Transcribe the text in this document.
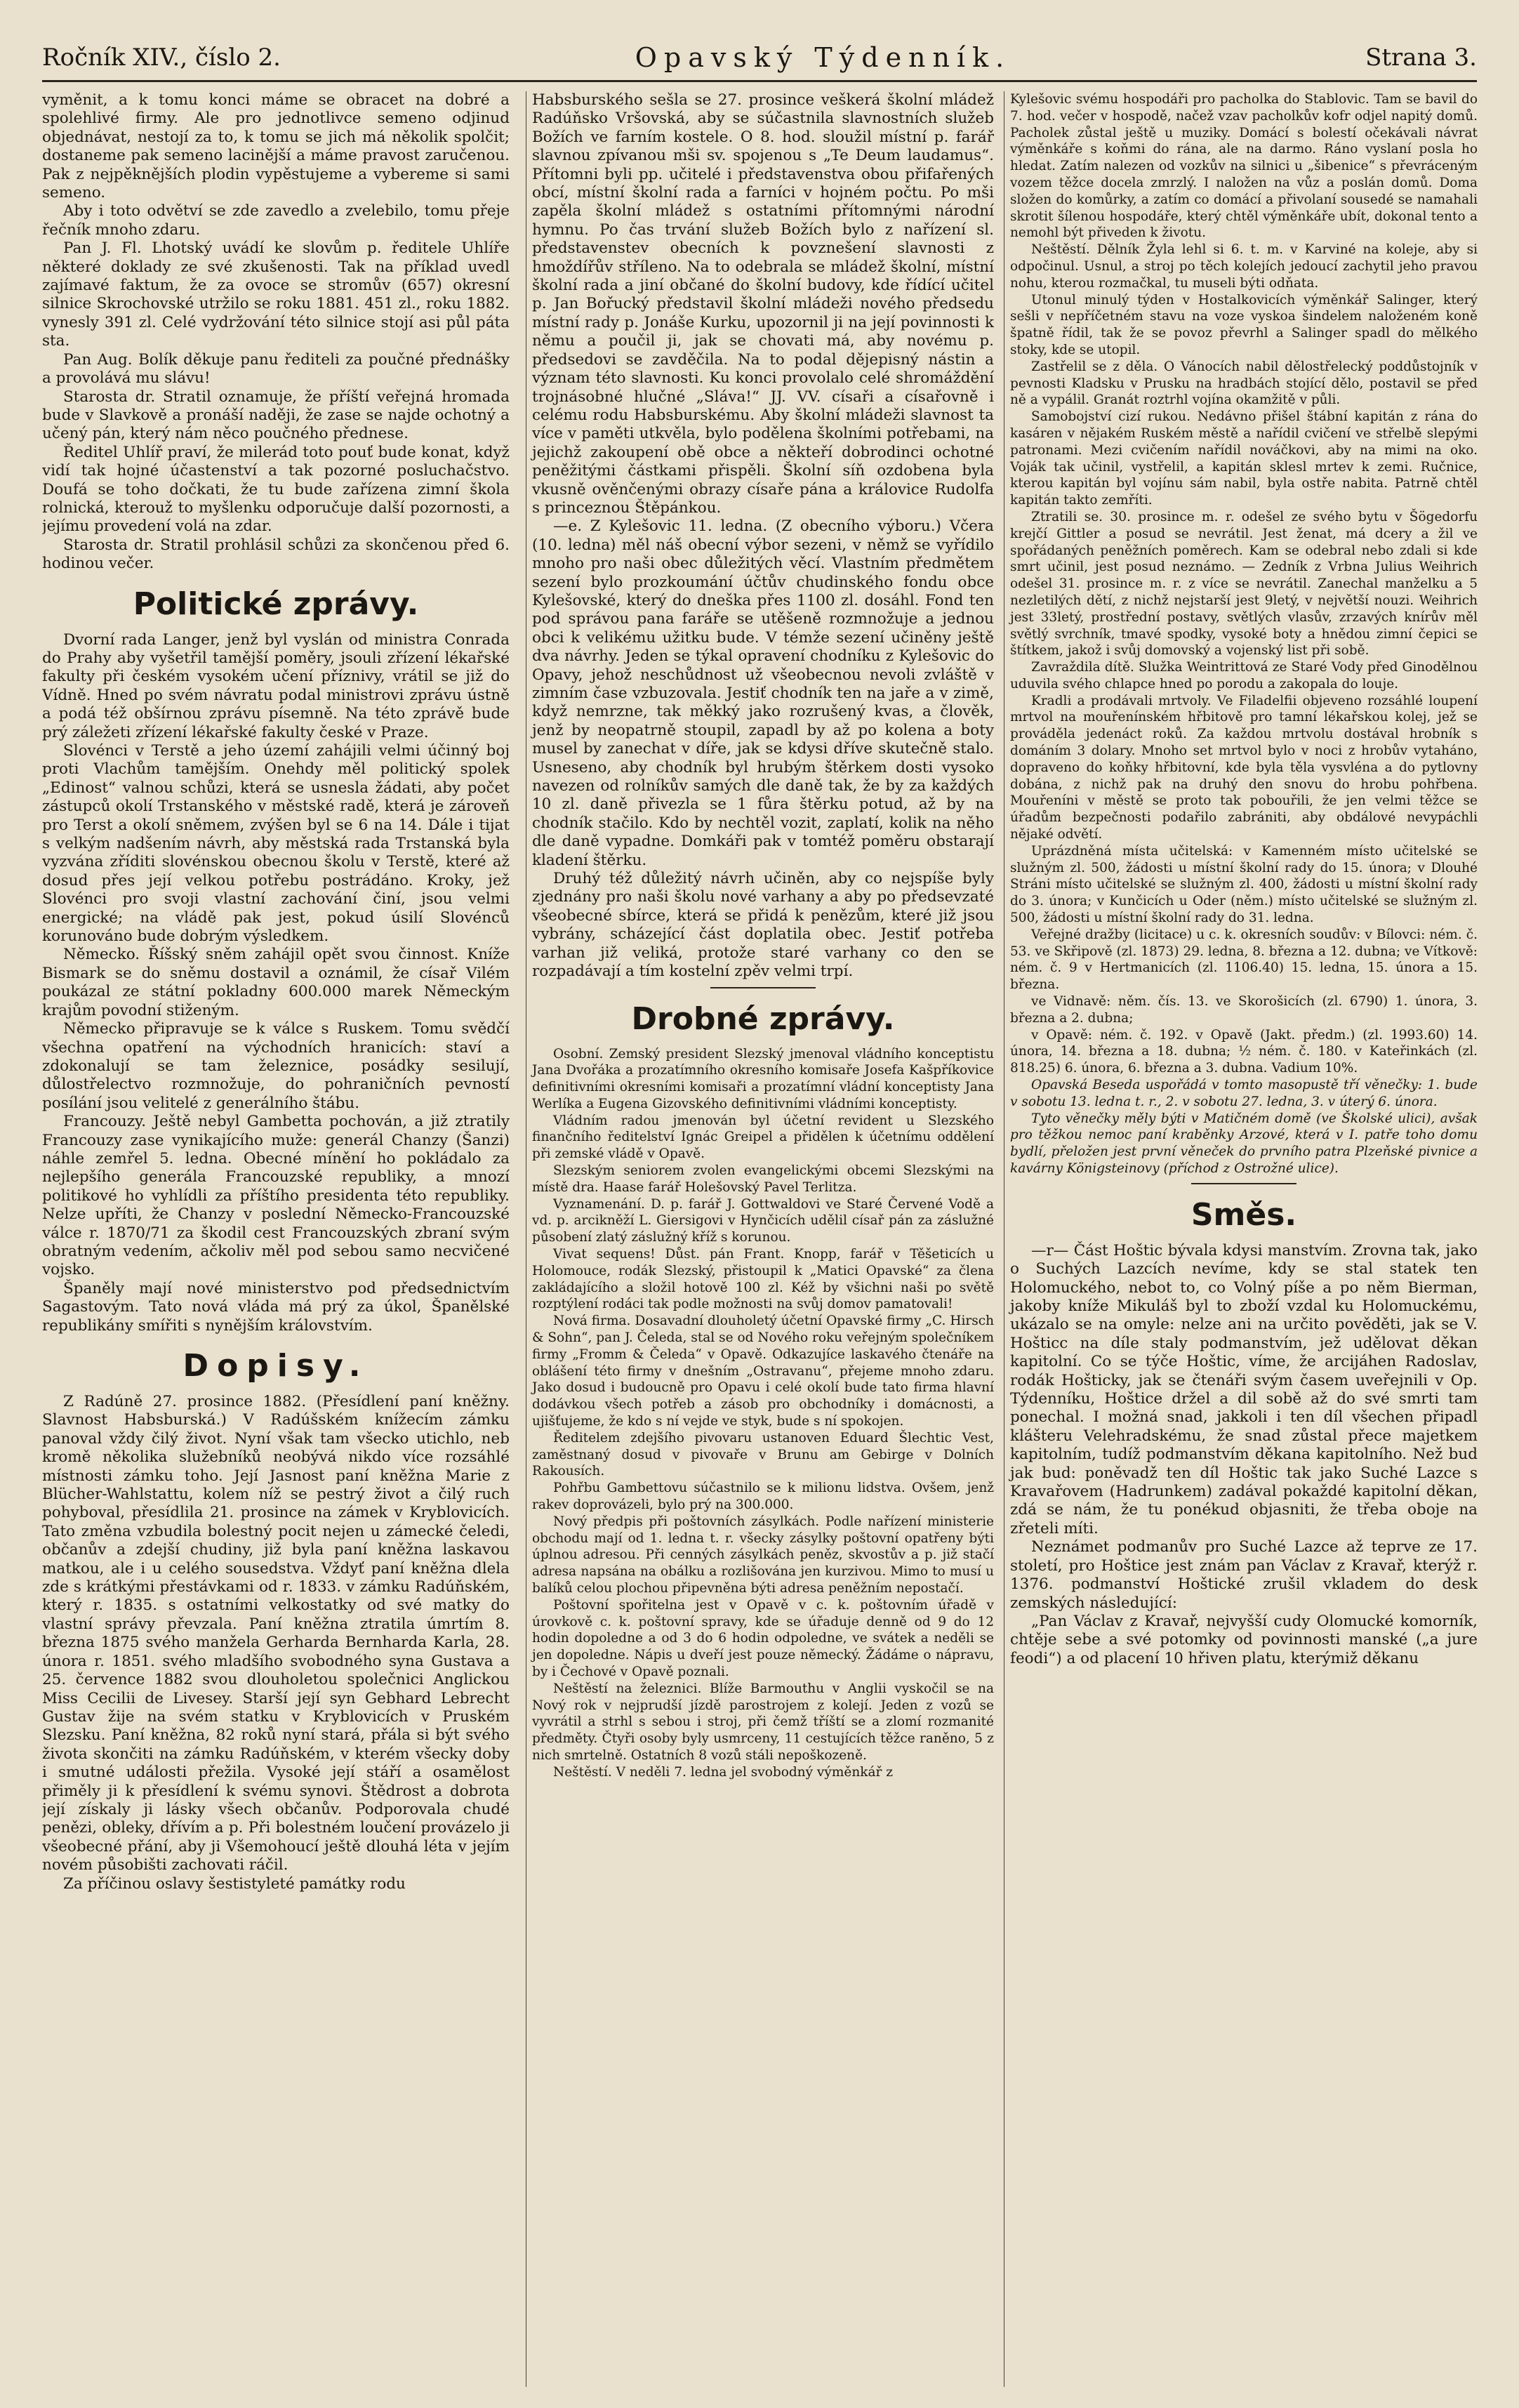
Ročník XIV., číslo 2.	Opavský Týdenník.	Strana 3.

vyměnit, a k tomu konci máme se obracet na dobré a spolehlivé firmy. Ale pro jednotlivce semeno odjinud objednávat, nestojí za to, k tomu se jich má několik spolčit; dostaneme pak semeno lacinější a máme pravost zaručenou. Pak z nejpěknějších plodin vypěstujeme a vybereme si sami semeno.

Aby i toto odvětví se zde zavedlo a zvelebilo, tomu přeje řečník mnoho zdaru.

Pan J. Fl. Lhotský uvádí ke slovům p. ředitele Uhlíře některé doklady ze své zkušenosti. Tak na příklad uvedl zajímavé faktum, že za ovoce se stromův (657) okresní silnice Skrochovské utržilo se roku 1881. 451 zl., roku 1882. vynesly 391 zl. Celé vydržování této silnice stojí asi půl páta sta.

Pan Aug. Bolík děkuje panu řediteli za poučné přednášky a provolává mu slávu!

Starosta dr. Stratil oznamuje, že příští veřejná hromada bude v Slavkově a pronáší naději, že zase se najde ochotný a učený pán, který nám něco poučného přednese.

Ředitel Uhlíř praví, že milerád toto pouť bude konat, když vidí tak hojné účastenství a tak pozorné posluchačstvo. Doufá se toho dočkati, že tu bude zařízena zimní škola rolnická, kterouž to myšlenku odporučuje další pozornosti, a jejímu provedení volá na zdar.

Starosta dr. Stratil prohlásil schůzi za skončenou před 6. hodinou večer.

Politické zprávy.

Dvorní rada Langer, jenž byl vyslán od ministra Conrada do Prahy aby vyšetřil tamější poměry, jsouli zřízení lékařské fakulty při českém vysokém učení příznivy, vrátil se již do Vídně. Hned po svém návratu podal ministrovi zprávu ústně a podá též obšírnou zprávu písemně. Na této zprávě bude prý záležeti zřízení lékařské fakulty české v Praze.

Slovénci v Terstě a jeho území zahájili velmi účinný boj proti Vlachům tamějším. Onehdy měl politický spolek „Edinost“ valnou schůzi, která se usnesla žádati, aby počet zástupců okolí Trstanského v městské radě, která je zároveň pro Terst a okolí sněmem, zvýšen byl se 6 na 14. Dále i tijat s velkým nadšením návrh, aby městská rada Trstanská byla vyzvána zříditi slovénskou obecnou školu v Terstě, které až dosud přes její velkou potřebu postrádáno. Kroky, jež Slovénci pro svoji vlastní zachování činí, jsou velmi energické; na vládě pak jest, pokud úsilí Slovénců korunováno bude dobrým výsledkem.

Německo. Říšský sněm zahájil opět svou činnost. Kníže Bismark se do sněmu dostavil a oznámil, že císař Vilém poukázal ze státní pokladny 600.000 marek Německým krajům povodní stiženým.

Německo připravuje se k válce s Ruskem. Tomu svědčí všechna opatření na východních hranicích: staví a zdokonalují se tam železnice, posádky sesilují, důlostřelectvo rozmnožuje, do pohraničních pevností posílání jsou velitelé z generálního štábu.

Francouzy. Ještě nebyl Gambetta pochován, a již ztratily Francouzy zase vynikajícího muže: generál Chanzy (Šanzi) náhle zemřel 5. ledna. Obecné mínění ho pokládalo za nejlepšího generála Francouzské republiky, a mnozí politikové ho vyhlídli za příštího presidenta této republiky. Nelze upříti, že Chanzy v poslední Německo-Francouzské válce r. 1870/71 za škodil cest Francouzských zbraní svým obratným vedením, ačkoliv měl pod sebou samo necvičené vojsko.

Španěly mají nové ministerstvo pod předsednictvím Sagastovým. Tato nová vláda má prý za úkol, Španělské republikány smířiti s nynějším královstvím.

Dopisy.

Z Radúně 27. prosince 1882. (Přesídlení paní kněžny. Slavnost Habsburská.) V Radúšském knížecím zámku panoval vždy čilý život. Nyní však tam všecko utichlo, neb kromě několika služebníků neobývá nikdo více rozsáhlé místnosti zámku toho. Její Jasnost paní kněžna Marie z Blücher-Wahlstattu, kolem níž se pestrý život a čilý ruch pohyboval, přesídlila 21. prosince na zámek v Kryblovicích. Tato změna vzbudila bolestný pocit nejen u zámecké čeledi, občanův a zdejší chudiny, již byla paní kněžna laskavou matkou, ale i u celého sousedstva. Vždyť paní kněžna dlela zde s krátkými přestávkami od r. 1833. v zámku Radúňském, který r. 1835. s ostatními velkostatky od své matky do vlastní správy převzala. Paní kněžna ztratila úmrtím 8. března 1875 svého manžela Gerharda Bernharda Karla, 28. února r. 1851. svého mladšího svobodného syna Gustava a 25. července 1882 svou dlouholetou společnici Anglickou Miss Cecilii de Livesey. Starší její syn Gebhard Lebrecht Gustav žije na svém statku v Kryblovicích v Pruském Slezsku. Paní kněžna, 82 roků nyní stará, přála si být svého života skončiti na zámku Radúňském, v kterém všecky doby i smutné události přežila. Vysoké její stáří a osamělost přiměly ji k přesídlení k svému synovi. Štědrost a dobrota její získaly ji lásky všech občanův. Podporovala chudé penězi, obleky, dřívím a p. Při bolestném loučení provázelo ji všeobecné přání, aby ji Všemohoucí ještě dlouhá léta v jejím novém působišti zachovati ráčil.

Za příčinou oslavy šestistyleté památky rodu

Habsburského sešla se 27. prosince veškerá školní mládež Radúňsko Vršovská, aby se súčastnila slavnostních služeb Božích ve farním kostele. O 8. hod. sloužil místní p. farář slavnou zpívanou mši sv. spojenou s „Te Deum laudamus“. Přítomni byli pp. učitelé i představenstva obou přifařených obcí, místní školní rada a farníci v hojném počtu. Po mši zapěla školní mládež s ostatními přítomnými národní hymnu. Po čas trvání služeb Božích bylo z nařízení sl. představenstev obecních k povznešení slavnosti z hmoždířův stříleno. Na to odebrala se mládež školní, místní školní rada a jiní občané do školní budovy, kde řídící učitel p. Jan Bořucký představil školní mládeži nového předsedu místní rady p. Jonáše Kurku, upozornil ji na její povinnosti k němu a poučil ji, jak se chovati má, aby novému p. předsedovi se zavděčila. Na to podal dějepisný nástin a význam této slavnosti. Ku konci provolalo celé shromáždění trojnásobné hlučné „Sláva!“ JJ. VV. císaři a císařovně i celému rodu Habsburskému. Aby školní mládeži slavnost ta více v paměti utkvěla, bylo podělena školními potřebami, na jejichž zakoupení obě obce a někteří dobrodinci ochotné peněžitými částkami přispěli. Školní síň ozdobena byla vkusně ověnčenými obrazy císaře pána a královice Rudolfa s princeznou Štěpánkou.

—e. Z Kylešovic 11. ledna. (Z obecního výboru.) Včera (10. ledna) měl náš obecní výbor sezeni, v němž se vyřídilo mnoho pro naši obec důležitých věcí. Vlastním předmětem sezení bylo prozkoumání účtův chudinského fondu obce Kylešovské, který do dneška přes 1100 zl. dosáhl. Fond ten pod správou pana faráře se utěšeně rozmnožuje a jednou obci k velikému užitku bude. V témže sezení učiněny ještě dva návrhy. Jeden se týkal opravení chodníku z Kylešovic do Opavy, jehož neschůdnost už všeobecnou nevoli zvláště v zimním čase vzbuzovala. Jestiť chodník ten na jaře a v zimě, když nemrzne, tak měkký jako rozrušený kvas, a člověk, jenž by neopatrně stoupil, zapadl by až po kolena a boty musel by zanechat v díře, jak se kdysi dříve skutečně stalo. Usneseno, aby chodník byl hrubým štěrkem dosti vysoko navezen od rolníkův samých dle daně tak, že by za každých 10 zl. daně přivezla se 1 fůra štěrku potud, až by na chodník stačilo. Kdo by nechtěl vozit, zaplatí, kolik na něho dle daně vypadne. Domkáři pak v tomtéž poměru obstarají kladení štěrku.

Druhý též důležitý návrh učiněn, aby co nejspíše byly zjednány pro naši školu nové varhany a aby po předsevzaté všeobecné sbírce, která se přidá k penězům, které již jsou vybrány, scházející část doplatila obec. Jestiť potřeba varhan již veliká, protože staré varhany co den se rozpadávají a tím kostelní zpěv velmi trpí.

Drobné zprávy.

Osobní. Zemský president Slezský jmenoval vládního konceptistu Jana Dvořáka a prozatímního okresního komisaře Josefa Kašpříkovice definitivními okresními komisaři a prozatímní vládní konceptisty Jana Werlíka a Eugena Gizovského definitivními vládními konceptisty.

Vládním radou jmenován byl účetní revident u Slezského finančního ředitelství Ignác Greipel a přidělen k účetnímu oddělení při zemské vládě v Opavě.

Slezským seniorem zvolen evangelickými obcemi Slezskými na místě dra. Haase farář Holešovský Pavel Terlitza.

Vyznamenání. D. p. farář J. Gottwaldovi ve Staré Červené Vodě a vd. p. arcikněží L. Giersigovi v Hynčicích udělil císař pán za záslužné působení zlatý záslužný kříž s korunou.

Vivat sequens! Důst. pán Frant. Knopp, farář v Těšeticích u Holomouce, rodák Slezský, přistoupil k „Matici Opavské“ za člena zakládajícího a složil hotově 100 zl. Kéž by všichni naši po světě rozptýlení rodáci tak podle možnosti na svůj domov pamatovali!

Nová firma. Dosavadní dlouholetý účetní Opavské firmy „C. Hirsch & Sohn“, pan J. Čeleda, stal se od Nového roku veřejným společníkem firmy „Fromm & Čeleda“ v Opavě. Odkazujíce laskavého čtenáře na oblášení této firmy v dnešním „Ostravanu“, přejeme mnoho zdaru. Jako dosud i budoucně pro Opavu i celé okolí bude tato firma hlavní dodávkou všech potřeb a zásob pro obchodníky i domácnosti, a ujišťujeme, že kdo s ní vejde ve styk, bude s ní spokojen.

Ředitelem zdejšího pivovaru ustanoven Eduard Šlechtic Vest, zaměstnaný dosud v pivovaře v Brunu am Gebirge v Dolních Rakousích.

Pohřbu Gambettovu súčastnilo se k milionu lidstva. Ovšem, jenž rakev doprovázeli, bylo prý na 300.000.

Nový předpis při poštovních zásylkách. Podle nařízení ministerie obchodu mají od 1. ledna t. r. všecky zásylky poštovní opatřeny býti úplnou adresou. Při cenných zásylkách peněz, skvostův a p. již stačí adresa napsána na obálku a rozlišována jen kurzivou. Mimo to musí u balíků celou plochou připevněna býti adresa peněžním nepostačí.

Poštovní spořitelna jest v Opavě v c. k. poštovním úřadě v úrovkově c. k. poštovní spravy, kde se úřaduje denně od 9 do 12 hodin dopoledne a od 3 do 6 hodin odpoledne, ve svátek a neděli se jen dopoledne. Nápis u dveří jest pouze německý. Žádáme o nápravu, by i Čechové v Opavě poznali.

Neštěstí na železnici. Blíže Barmouthu v Anglii vyskočil se na Nový rok v nejprudší jízdě parostrojem z kolejí. Jeden z vozů se vyvrátil a strhl s sebou i stroj, při čemž tříští se a zlomí rozmanité předměty. Čtyři osoby byly usmrceny, 11 cestujících těžce raněno, 5 z nich smrtelně. Ostatních 8 vozů stáli nepoškozeně.

Neštěstí. V neděli 7. ledna jel svobodný výměnkář z

Kylešovic svému hospodáři pro pacholka do Stablovic. Tam se bavil do 7. hod. večer v hospodě, načež vzav pacholkův kofr odjel napitý domů. Pacholek zůstal ještě u muziky. Domácí s bolestí očekávali návrat výměnkáře s koňmi do rána, ale na darmo. Ráno vyslaní posla ho hledat. Zatím nalezen od vozkův na silnici u „šibenice“ s převráceným vozem těžce docela zmrzlý. I naložen na vůz a poslán domů. Doma složen do komůrky, a zatím co domácí a přivolaní sousedé se namahali skrotit šílenou hospodáře, který chtěl výměnkáře ubít, dokonal tento a nemohl být přiveden k životu.

Neštěstí. Dělník Žyla lehl si 6. t. m. v Karviné na koleje, aby si odpočinul. Usnul, a stroj po těch kolejích jedoucí zachytil jeho pravou nohu, kterou rozmačkal, tu museli býti odňata.

Utonul minulý týden v Hostalkovicích výměnkář Salinger, který sešli v nepříčetném stavu na voze vyskoa šindelem naloženém koně špatně řídil, tak že se povoz převrhl a Salinger spadl do mělkého stoky, kde se utopil.

Zastřelil se z děla. O Vánocích nabil dělostřelecký poddůstojník v pevnosti Kladsku v Prusku na hradbách stojící dělo, postavil se před ně a vypálil. Granát roztrhl vojína okamžitě v půli.

Samobojství cizí rukou. Nedávno přišel štábní kapitán z rána do kasáren v nějakém Ruském městě a nařídil cvičení ve střelbě slepými patronami. Mezi cvičením nařídil nováčkovi, aby na mimi na oko. Voják tak učinil, vystřelil, a kapitán sklesl mrtev k zemi. Ručnice, kterou kapitán byl vojínu sám nabil, byla ostře nabita. Patrně chtěl kapitán takto zemříti.

Ztratili se. 30. prosince m. r. odešel ze svého bytu v Šögedorfu krejčí Gittler a posud se nevrátil. Jest ženat, má dcery a žil ve spořádaných peněžních poměrech. Kam se odebral nebo zdali si kde smrt učinil, jest posud neznámo. — Zedník z Vrbna Julius Weihrich odešel 31. prosince m. r. z více se nevrátil. Zanechal manželku a 5 nezletilých dětí, z nichž nejstarší jest 9letý, v největší nouzi. Weihrich jest 33letý, prostřední postavy, světlých vlasův, zrzavých knírův měl světlý svrchník, tmavé spodky, vysoké boty a hnědou zimní čepici se štítkem, jakož i svůj domovský a vojenský list při sobě.

Zavraždila dítě. Služka Weintrittová ze Staré Vody před Ginodělnou uduvila svého chlapce hned po porodu a zakopala do louje.

Kradli a prodávali mrtvoly. Ve Filadelfii objeveno rozsáhlé loupení mrtvol na mouřenínském hřbitově pro tamní lékařskou kolej, jež se prováděla jedenáct roků. Za každou mrtvolu dostával hrobník s dománím 3 dolary. Mnoho set mrtvol bylo v noci z hrobův vytaháno, dopraveno do koňky hřbitovní, kde byla těla vysvléna a do pytlovny dobána, z nichž pak na druhý den snovu do hrobu pohřbena. Mouřeníni v městě se proto tak pobouřili, že jen velmi těžce se úřadům bezpečnosti podařilo zabrániti, aby obdálové nevypáchli nějaké odvětí.

Uprázdněná místa učitelská: v Kamenném místo učitelské se služným zl. 500, žádosti u místní školní rady do 15. února; v Dlouhé Stráni místo učitelské se služným zl. 400, žádosti u místní školní rady do 3. února; v Kunčicích u Oder (něm.) místo učitelské se služným zl. 500, žádosti u místní školní rady do 31. ledna.

Veřejné dražby (licitace) u c. k. okresních soudův: v Bílovci: ném. č. 53. ve Skřipově (zl. 1873) 29. ledna, 8. března a 12. dubna; ve Vítkově: ném. č. 9 v Hertmanicích (zl. 1106.40) 15. ledna, 15. února a 15. března.

ve Vidnavě: něm. čís. 13. ve Skorošicích (zl. 6790) 1. února, 3. března a 2. dubna;

v Opavě: ném. č. 192. v Opavě (Jakt. předm.) (zl. 1993.60) 14. února, 14. března a 18. dubna; ½ ném. č. 180. v Kateřinkách (zl. 818.25) 6. února, 6. března a 3. dubna. Vadium 10%.

Opavská Beseda uspořádá v tomto masopustě tří věnečky: 1. bude v sobotu 13. ledna t. r., 2. v sobotu 27. ledna, 3. v úterý 6. února.

Tyto věnečky měly býti v Matičném domě (ve Školské ulici), avšak pro těžkou nemoc paní kraběnky Arzové, která v I. patře toho domu bydlí, přeložen jest první věneček do prvního patra Plzeňské pivnice a kavárny Königsteinovy (příchod z Ostrožné ulice).

Směs.

—r— Část Hoštic bývala kdysi manstvím. Zrovna tak, jako o Suchých Lazcích nevíme, kdy se stal statek ten Holomuckého, nebot to, co Volný píše a po něm Bierman, jakoby kníže Mikuláš byl to zboží vzdal ku Holomuckému, ukázalo se na omyle: nelze ani na určito pověděti, jak se V. Hošticc na díle staly podmanstvím, jež udělovat děkan kapitolní. Co se týče Hoštic, víme, že arcijáhen Radoslav, rodák Hošticky, jak se čtenáři svým časem uveřejnili v Op. Týdenníku, Hoštice držel a dil sobě až do své smrti tam ponechal. I možná snad, jakkoli i ten díl všechen připadl klášteru Velehradskému, že snad zůstal přece majetkem kapitolním, tudíž podmanstvím děkana kapitolního. Než bud jak bud: poněvadž ten díl Hoštic tak jako Suché Lazce s Kravařovem (Hadrunkem) zadával pokaždé kapitolní děkan, zdá se nám, že tu ponékud objasniti, že třeba oboje na zřeteli míti.

Neznámet podmanův pro Suché Lazce až teprve ze 17. století, pro Hoštice jest znám pan Václav z Kravař, kterýž r. 1376. podmanství Hoštické zrušil vkladem do desk zemských následující:

„Pan Václav z Kravař, nejvyšší cudy Olomucké komorník, chtěje sebe a své potomky od povinnosti manské („a jure feodi“) a od placení 10 hřiven platu, kterýmiž děkanu
